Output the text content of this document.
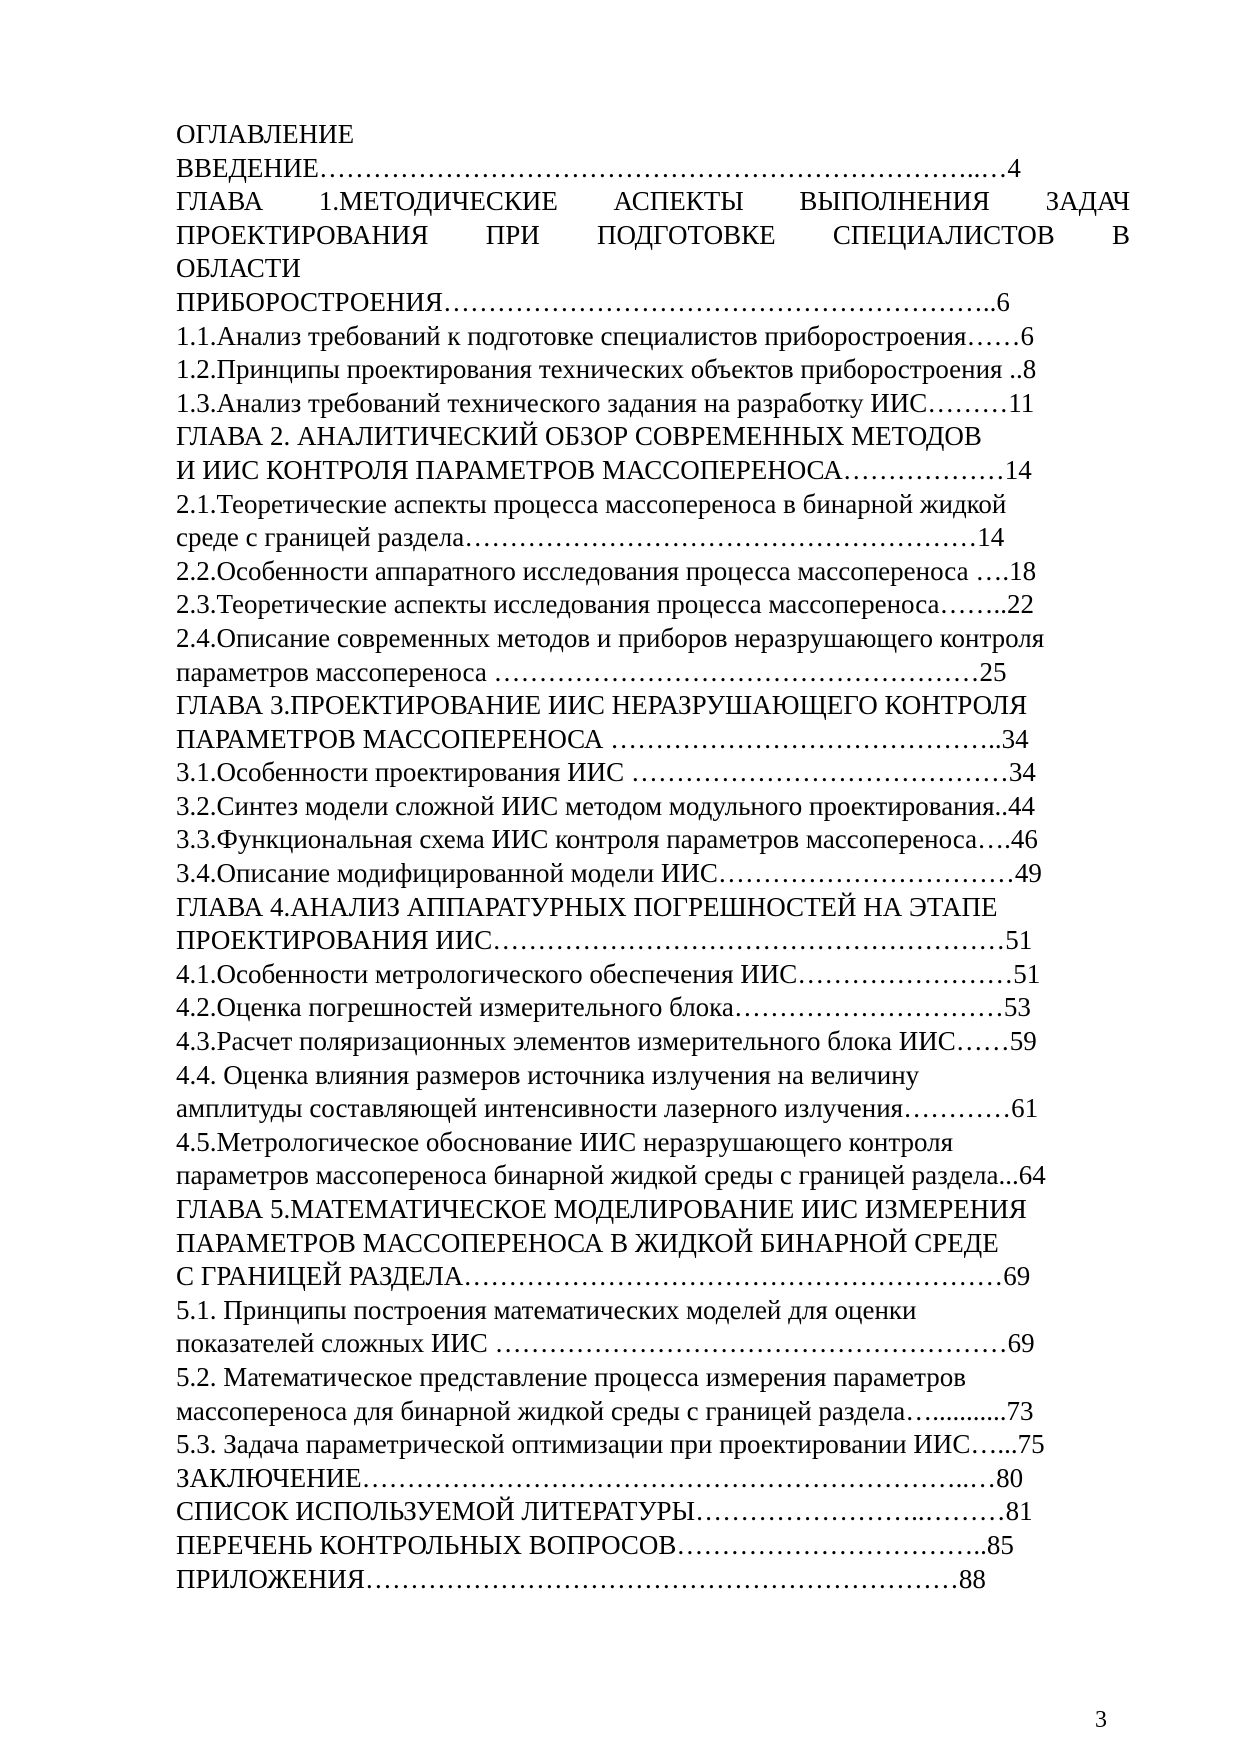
ОГЛАВЛЕНИЕ
ВВЕДЕНИЕ………………………………………………………………..…4
ГЛАВА 1.МЕТОДИЧЕСКИЕ АСПЕКТЫ ВЫПОЛНЕНИЯ ЗАДАЧ
ПРОЕКТИРОВАНИЯ ПРИ ПОДГОТОВКЕ СПЕЦИАЛИСТОВ В
ОБЛАСТИ
ПРИБОРОСТРОЕНИЯ……………………………………………………..6
1.1.Анализ требований к подготовке специалистов приборостроения……6
1.2.Принципы проектирования технических объектов приборостроения ..8
1.3.Анализ требований технического задания на разработку ИИС………11
ГЛАВА 2. АНАЛИТИЧЕСКИЙ ОБЗОР СОВРЕМЕННЫХ МЕТОДОВ
И ИИС КОНТРОЛЯ ПАРАМЕТРОВ МАССОПЕРЕНОСА………………14
2.1.Теоретические аспекты процесса массопереноса в бинарной жидкой
среде с границей раздела…………………………………………………14
2.2.Особенности аппаратного исследования процесса массопереноса ….18
2.3.Теоретические аспекты исследования процесса массопереноса……..22
2.4.Описание современных методов и приборов неразрушающего контроля
параметров массопереноса ………………………………………………25
ГЛАВА 3.ПРОЕКТИРОВАНИЕ ИИС НЕРАЗРУШАЮЩЕГО КОНТРОЛЯ
ПАРАМЕТРОВ МАССОПЕРЕНОСА ……………………………………..34
3.1.Особенности проектирования ИИС ……………………………………34
3.2.Синтез модели сложной ИИС методом модульного проектирования..44
3.3.Функциональная схема ИИС контроля параметров массопереноса….46
3.4.Описание модифицированной модели ИИС……………………………49
ГЛАВА 4.АНАЛИЗ АППАРАТУРНЫХ ПОГРЕШНОСТЕЙ НА ЭТАПЕ
ПРОЕКТИРОВАНИЯ ИИС…………………………………………………51
4.1.Особенности метрологического обеспечения ИИС……………………51
4.2.Оценка погрешностей измерительного блока…………………………53
4.3.Расчет поляризационных элементов измерительного блока ИИС……59
4.4. Оценка влияния размеров источника излучения на величину
амплитуды составляющей интенсивности лазерного излучения…………61
4.5.Метрологическое обоснование ИИС неразрушающего контроля
параметров массопереноса бинарной жидкой среды с границей раздела...64
ГЛАВА 5.МАТЕМАТИЧЕСКОЕ МОДЕЛИРОВАНИЕ ИИС ИЗМЕРЕНИЯ
ПАРАМЕТРОВ МАССОПЕРЕНОСА В ЖИДКОЙ БИНАРНОЙ СРЕДЕ
С ГРАНИЦЕЙ РАЗДЕЛА……………………………………………………69
5.1. Принципы построения математических моделей для оценки
показателей сложных ИИС …………………………………………………69
5.2. Математическое представление процесса измерения параметров
массопереноса для бинарной жидкой среды с границей раздела…...........73
5.3. Задача параметрической оптимизации при проектировании ИИС…...75
ЗАКЛЮЧЕНИЕ…………………………………………………………..…80
СПИСОК ИСПОЛЬЗУЕМОЙ ЛИТЕРАТУРЫ……………………..………81
ПЕРЕЧЕНЬ КОНТРОЛЬНЫХ ВОПРОСОВ……………………………..85
ПРИЛОЖЕНИЯ…………………………………………………………88
3
